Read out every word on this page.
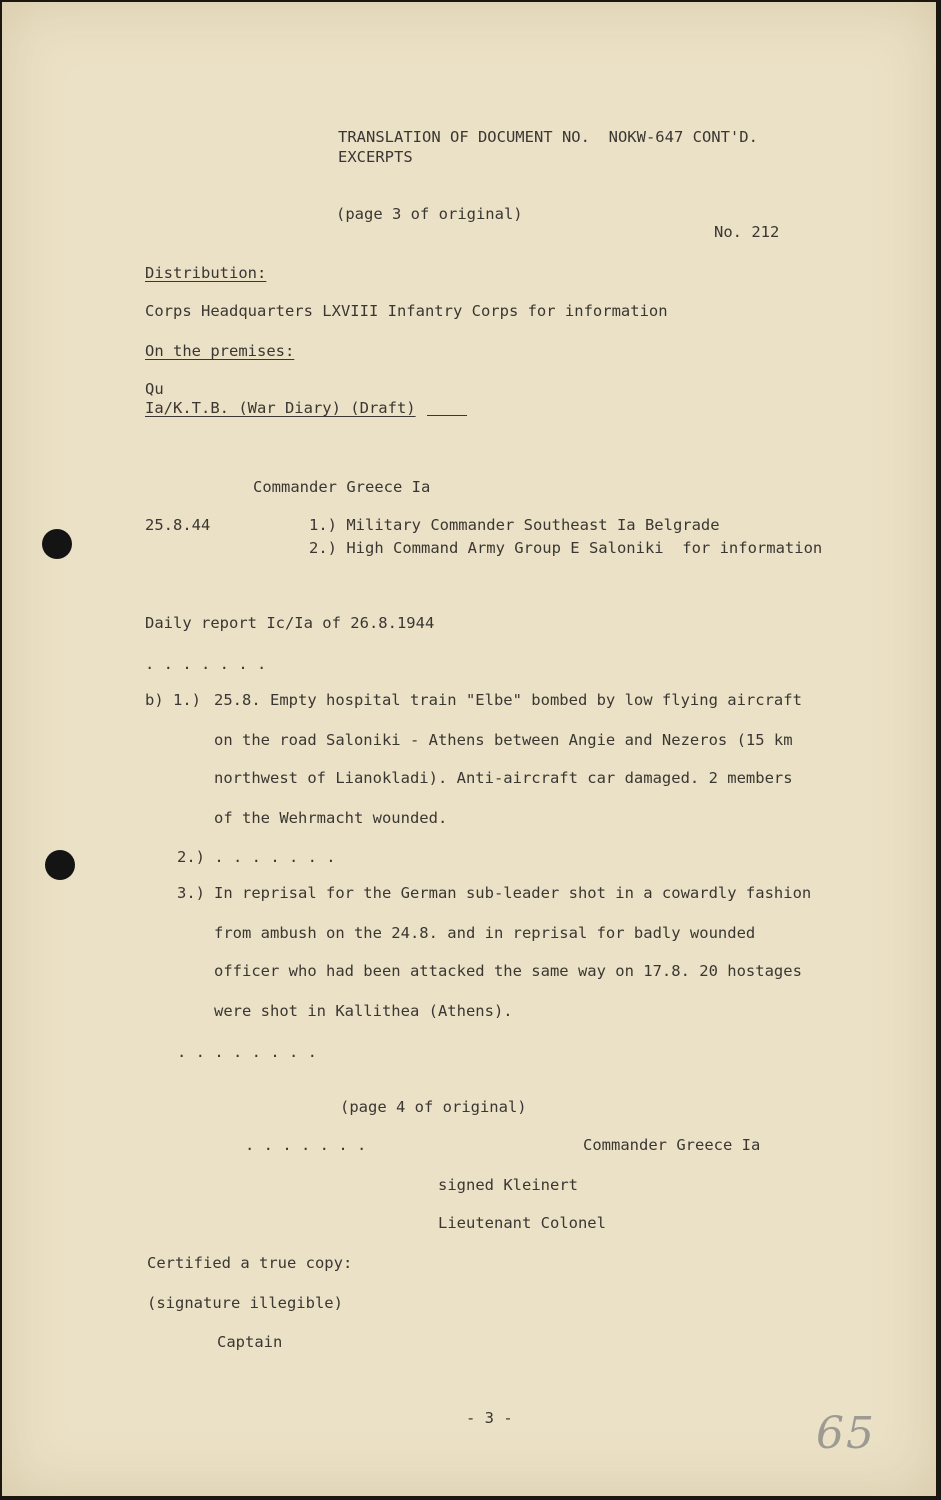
TRANSLATION OF DOCUMENT NO.  NOKW-647 CONT'D.
EXCERPTS
(page 3 of original)
No. 212
Distribution:
Corps Headquarters LXVIII Infantry Corps for information
On the premises:
Qu
Ia/K.T.B. (War Diary) (Draft)
Commander Greece Ia
25.8.44	1.) Military Commander Southeast Ia Belgrade
2.) High Command Army Group E Saloniki  for information
Daily report Ic/Ia of 26.8.1944
. . . . . . .
b) 1.) 25.8. Empty hospital train "Elbe" bombed by low flying aircraft
on the road Saloniki - Athens between Angie and Nezeros (15 km
northwest of Lianokladi). Anti-aircraft car damaged. 2 members
of the Wehrmacht wounded.
2.) . . . . . . .
3.) In reprisal for the German sub-leader shot in a cowardly fashion
from ambush on the 24.8. and in reprisal for badly wounded
officer who had been attacked the same way on 17.8. 20 hostages
were shot in Kallithea (Athens).
. . . . . . . .
(page 4 of original)
. . . . . . .	Commander Greece Ia
signed Kleinert
Lieutenant Colonel
Certified a true copy:
(signature illegible)
Captain
- 3 -	65
